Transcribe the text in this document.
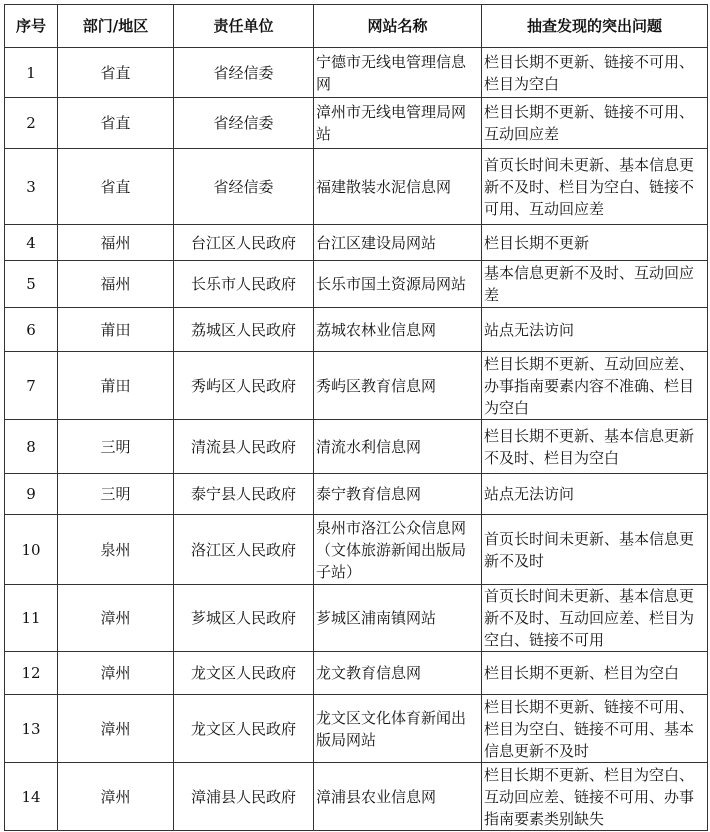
序号	部门/地区	责任单位	网站名称	抽查发现的突出问题
1	省直	省经信委	宁德市无线电管理信息
网	栏目长期不更新、链接不可用、
栏目为空白

2	省直	省经信委	漳州市无线电管理局网
站	栏目长期不更新、链接不可用、
互动回应差

3	省直	省经信委	福建散装水泥信息网	首页长时间未更新、基本信息更
新不及时、栏目为空白、链接不
可用、互动回应差

4	福州	台江区人民政府	台江区建设局网站	栏目长期不更新

5	福州	长乐市人民政府	长乐市国土资源局网站	基本信息更新不及时、互动回应
差

6	莆田	荔城区人民政府	荔城农林业信息网	站点无法访问

7	莆田	秀屿区人民政府	秀屿区教育信息网	栏目长期不更新、互动回应差、
办事指南要素内容不准确、栏目
为空白

8	三明	清流县人民政府	清流水利信息网	栏目长期不更新、基本信息更新
不及时、栏目为空白

9	三明	泰宁县人民政府	泰宁教育信息网	站点无法访问

10	泉州	洛江区人民政府	泉州市洛江公众信息网
（文体旅游新闻出版局
子站）	首页长时间未更新、基本信息更
新不及时

11	漳州	芗城区人民政府	芗城区浦南镇网站	首页长时间未更新、基本信息更
新不及时、互动回应差、栏目为
空白、链接不可用

12	漳州	龙文区人民政府	龙文教育信息网	栏目长期不更新、栏目为空白

13	漳州	龙文区人民政府	龙文区文化体育新闻出
版局网站	栏目长期不更新、链接不可用、
栏目为空白、链接不可用、基本
信息更新不及时

14	漳州	漳浦县人民政府	漳浦县农业信息网	栏目长期不更新、栏目为空白、
互动回应差、链接不可用、办事
指南要素类别缺失
